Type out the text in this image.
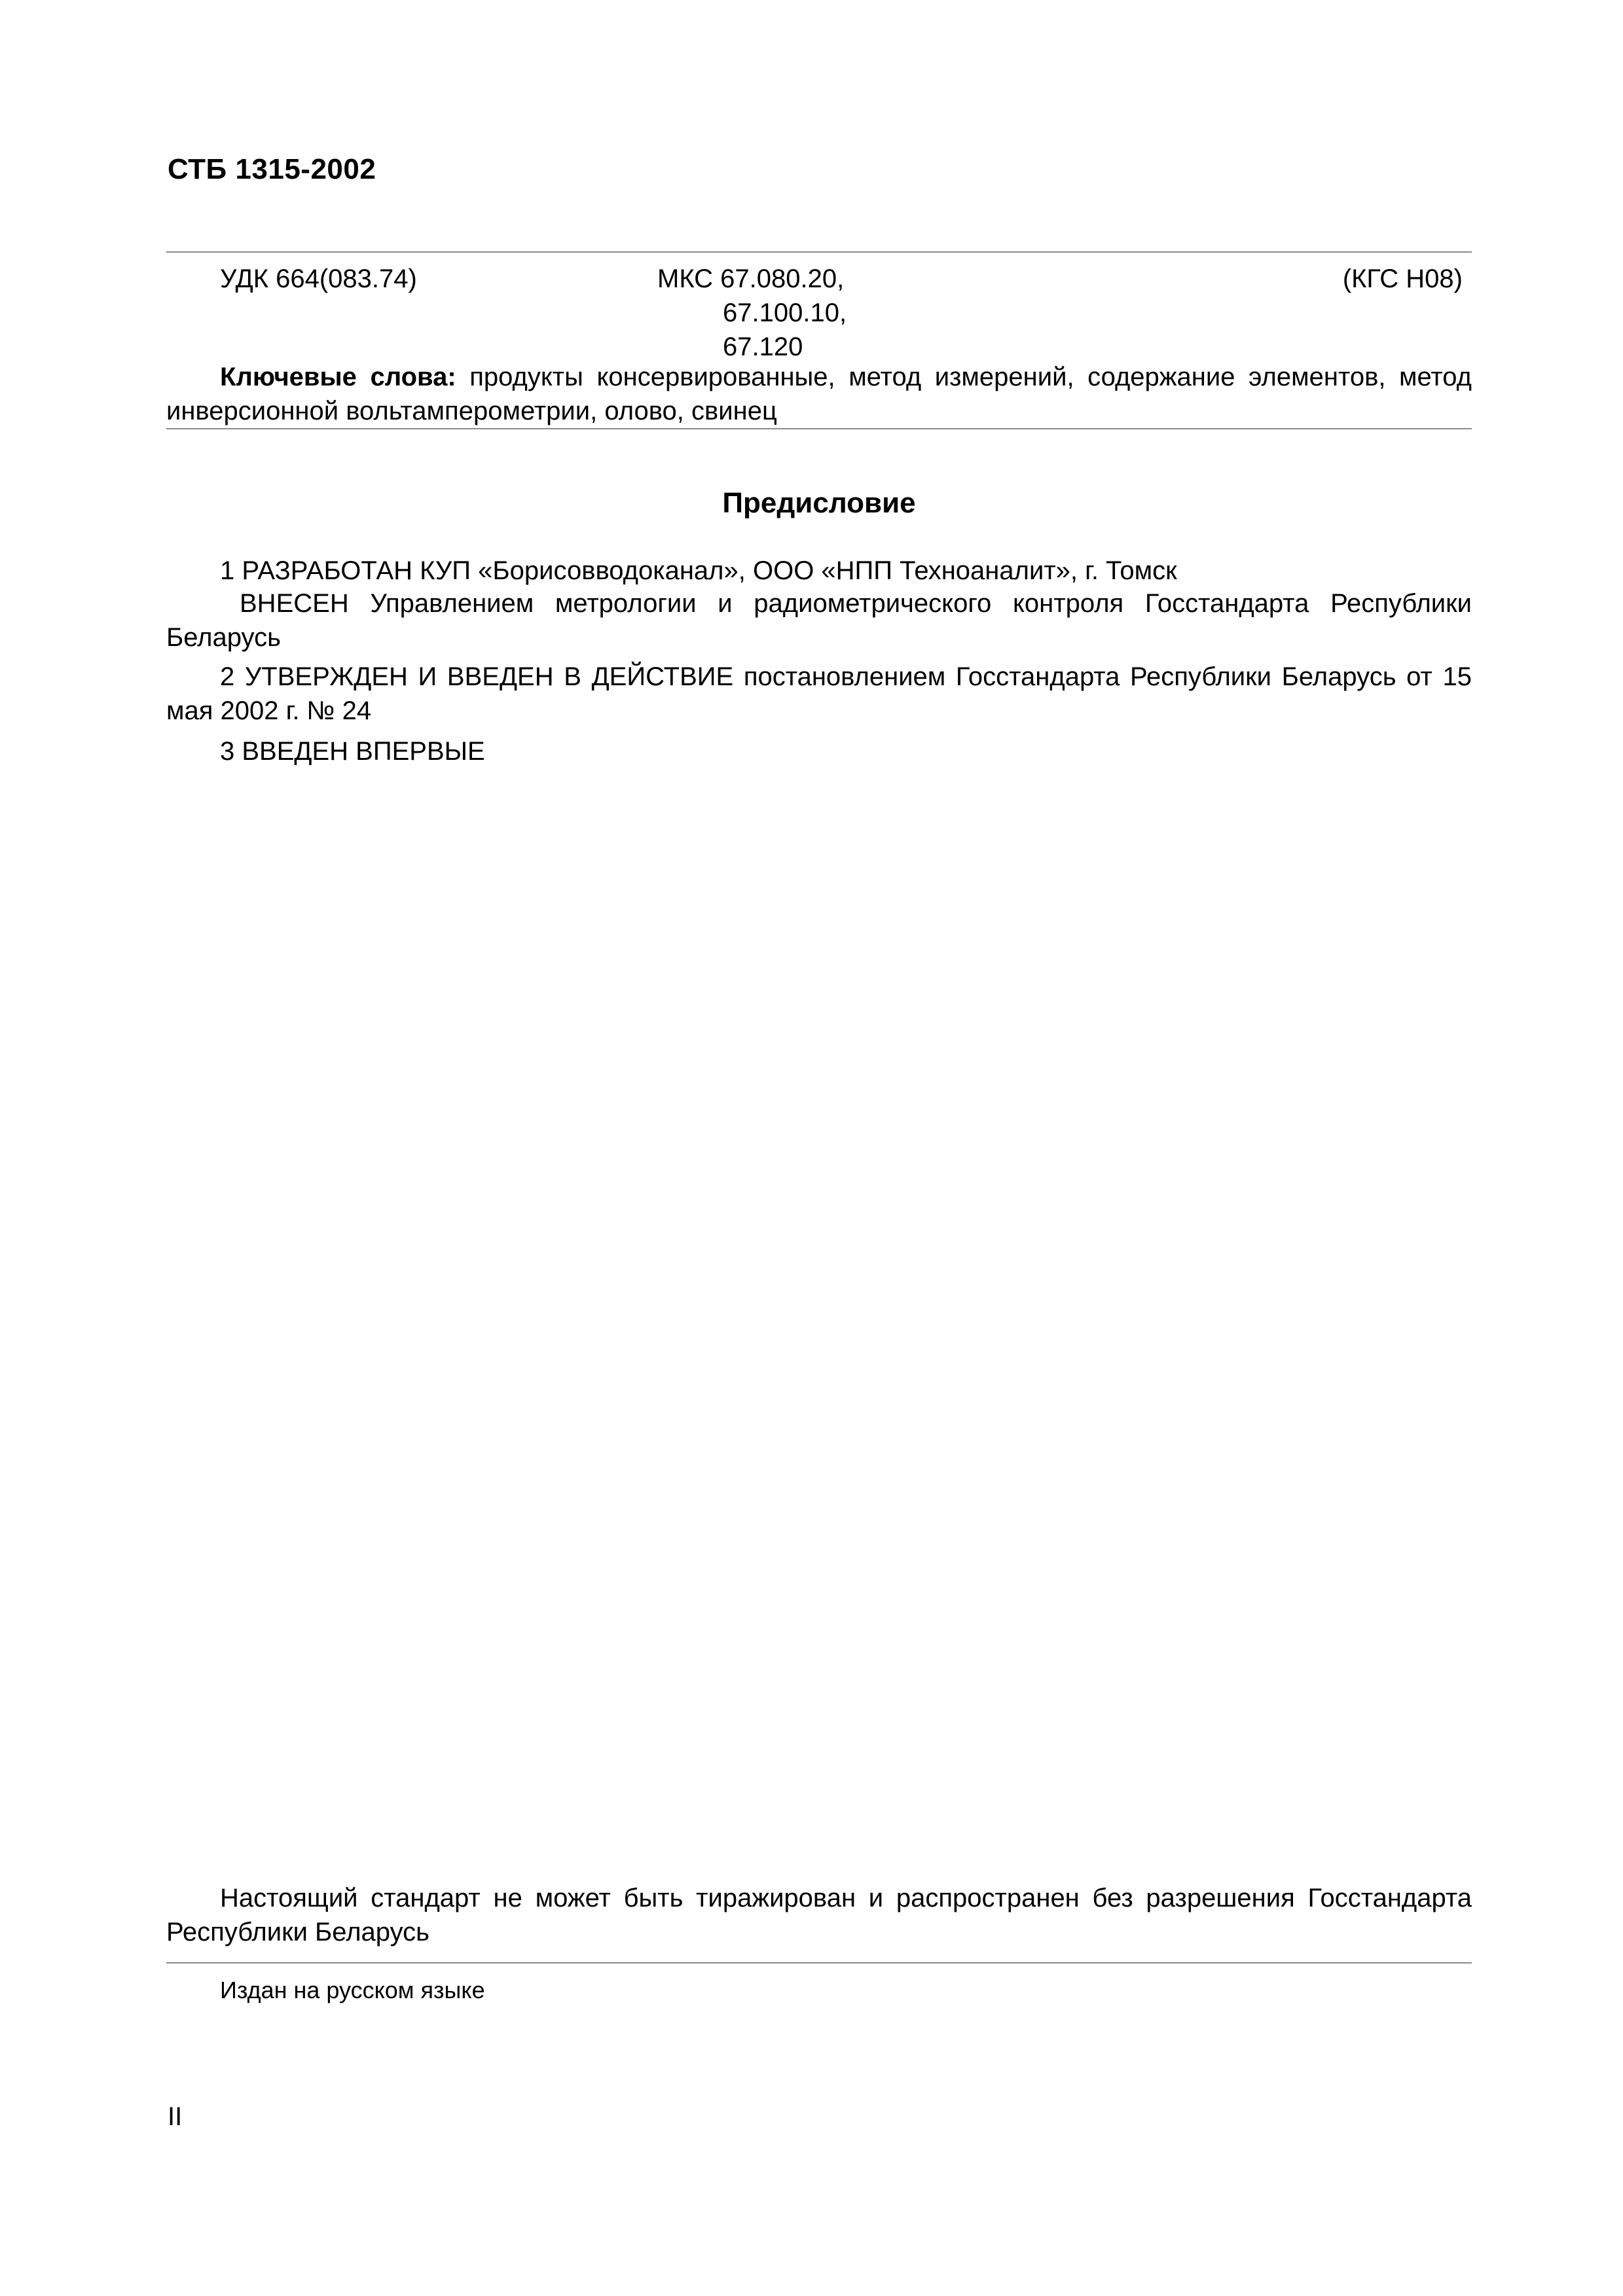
СТБ 1315-2002
УДК 664(083.74)	МКС 67.080.20,
67.100.10,
67.120
(КГС Н08)
Ключевые слова: продукты консервированные, метод измерений, содержание элементов, метод инверсионной вольтамперометрии, олово, свинец
Предисловие
1 РАЗРАБОТАН КУП «Борисовводоканал», ООО «НПП Техноаналит», г. Томск
ВНЕСЕН Управлением метрологии и радиометрического контроля Госстандарта Республики Беларусь
2 УТВЕРЖДЕН И ВВЕДЕН В ДЕЙСТВИЕ постановлением Госстандарта Республики Беларусь от 15 мая 2002 г. № 24
3 ВВЕДЕН ВПЕРВЫЕ
Настоящий стандарт не может быть тиражирован и распространен без разрешения Госстандарта Республики Беларусь
Издан на русском языке
II
